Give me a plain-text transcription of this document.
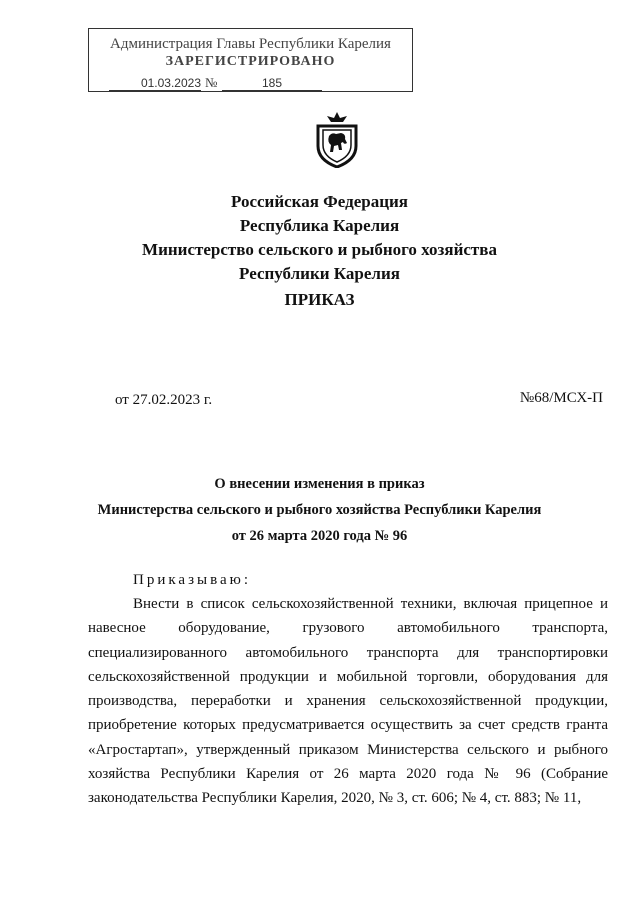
Администрация Главы Республики Карелия
ЗАРЕГИСТРИРОВАНО
01.03.2023 №	185
Российская Федерация
Республика Карелия
Министерство сельского и рыбного хозяйства
Республики Карелия
ПРИКАЗ
от 27.02.2023 г.	№68/МСХ-П
О внесении изменения в приказ
Министерства сельского и рыбного хозяйства Республики Карелия
от 26 марта 2020 года № 96
Приказываю:
Внести в список сельскохозяйственной техники, включая прицепное и навесное оборудование, грузового автомобильного транспорта, специализированного автомобильного транспорта для транспортировки сельскохозяйственной продукции и мобильной торговли, оборудования для производства, переработки и хранения сельскохозяйственной продукции, приобретение которых предусматривается осуществить за счет средств гранта «Агростартап», утвержденный приказом Министерства сельского и рыбного хозяйства Республики Карелия от 26 марта 2020 года № 96 (Собрание законодательства Республики Карелия, 2020, № 3, ст. 606; № 4, ст. 883; № 11,
